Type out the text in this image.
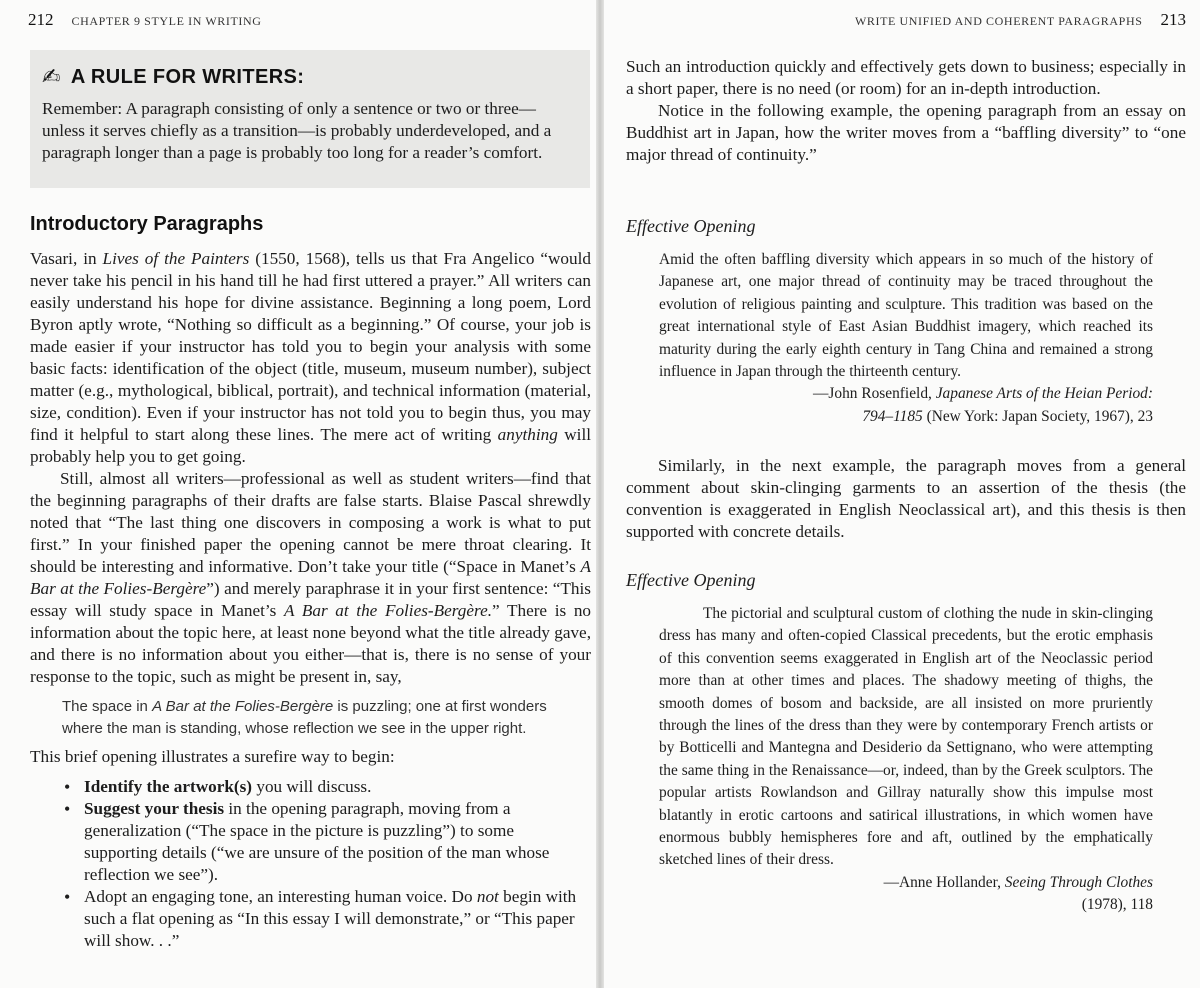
212 CHAPTER 9 STYLE IN WRITING
✍ A RULE FOR WRITERS:

Remember: A paragraph consisting of only a sentence or two or three—unless it serves chiefly as a transition—is probably underdeveloped, and a paragraph longer than a page is probably too long for a reader’s comfort.

Introductory Paragraphs

Vasari, in Lives of the Painters (1550, 1568), tells us that Fra Angelico “would never take his pencil in his hand till he had first uttered a prayer.” All writers can easily understand his hope for divine assistance. Beginning a long poem, Lord Byron aptly wrote, “Nothing so difficult as a beginning.” Of course, your job is made easier if your instructor has told you to begin your analysis with some basic facts: identification of the object (title, museum, museum number), subject matter (e.g., mythological, biblical, portrait), and technical information (material, size, condition). Even if your instructor has not told you to begin thus, you may find it helpful to start along these lines. The mere act of writing anything will probably help you to get going.

Still, almost all writers—professional as well as student writers—find that the beginning paragraphs of their drafts are false starts. Blaise Pascal shrewdly noted that “The last thing one discovers in composing a work is what to put first.” In your finished paper the opening cannot be mere throat clearing. It should be interesting and informative. Don’t take your title (“Space in Manet’s A Bar at the Folies-Bergère”) and merely paraphrase it in your first sentence: “This essay will study space in Manet’s A Bar at the Folies-Bergère.” There is no information about the topic here, at least none beyond what the title already gave, and there is no information about you either—that is, there is no sense of your response to the topic, such as might be present in, say,

The space in A Bar at the Folies-Bergère is puzzling; one at first wonders where the man is standing, whose reflection we see in the upper right.

This brief opening illustrates a surefire way to begin:

• Identify the artwork(s) you will discuss.
• Suggest your thesis in the opening paragraph, moving from a generalization (“The space in the picture is puzzling”) to some supporting details (“we are unsure of the position of the man whose reflection we see”).
• Adopt an engaging tone, an interesting human voice. Do not begin with such a flat opening as “In this essay I will demonstrate,” or “This paper will show. . .”
WRITE UNIFIED AND COHERENT PARAGRAPHS 213

Such an introduction quickly and effectively gets down to business; especially in a short paper, there is no need (or room) for an in-depth introduction.

Notice in the following example, the opening paragraph from an essay on Buddhist art in Japan, how the writer moves from a “baffling diversity” to “one major thread of continuity.”

Effective Opening

Amid the often baffling diversity which appears in so much of the history of Japanese art, one major thread of continuity may be traced throughout the evolution of religious painting and sculpture. This tradition was based on the great international style of East Asian Buddhist imagery, which reached its maturity during the early eighth century in Tang China and remained a strong influence in Japan through the thirteenth century.

—John Rosenfield, Japanese Arts of the Heian Period:
794–1185 (New York: Japan Society, 1967), 23

Similarly, in the next example, the paragraph moves from a general comment about skin-clinging garments to an assertion of the thesis (the convention is exaggerated in English Neoclassical art), and this thesis is then supported with concrete details.

Effective Opening

The pictorial and sculptural custom of clothing the nude in skin-clinging dress has many and often-copied Classical precedents, but the erotic emphasis of this convention seems exaggerated in English art of the Neoclassic period more than at other times and places. The shadowy meeting of thighs, the smooth domes of bosom and backside, are all insisted on more pruriently through the lines of the dress than they were by contemporary French artists or by Botticelli and Mantegna and Desiderio da Settignano, who were attempting the same thing in the Renaissance—or, indeed, than by the Greek sculptors. The popular artists Rowlandson and Gillray naturally show this impulse most blatantly in erotic cartoons and satirical illustrations, in which women have enormous bubbly hemispheres fore and aft, outlined by the emphatically sketched lines of their dress.

—Anne Hollander, Seeing Through Clothes
(1978), 118
